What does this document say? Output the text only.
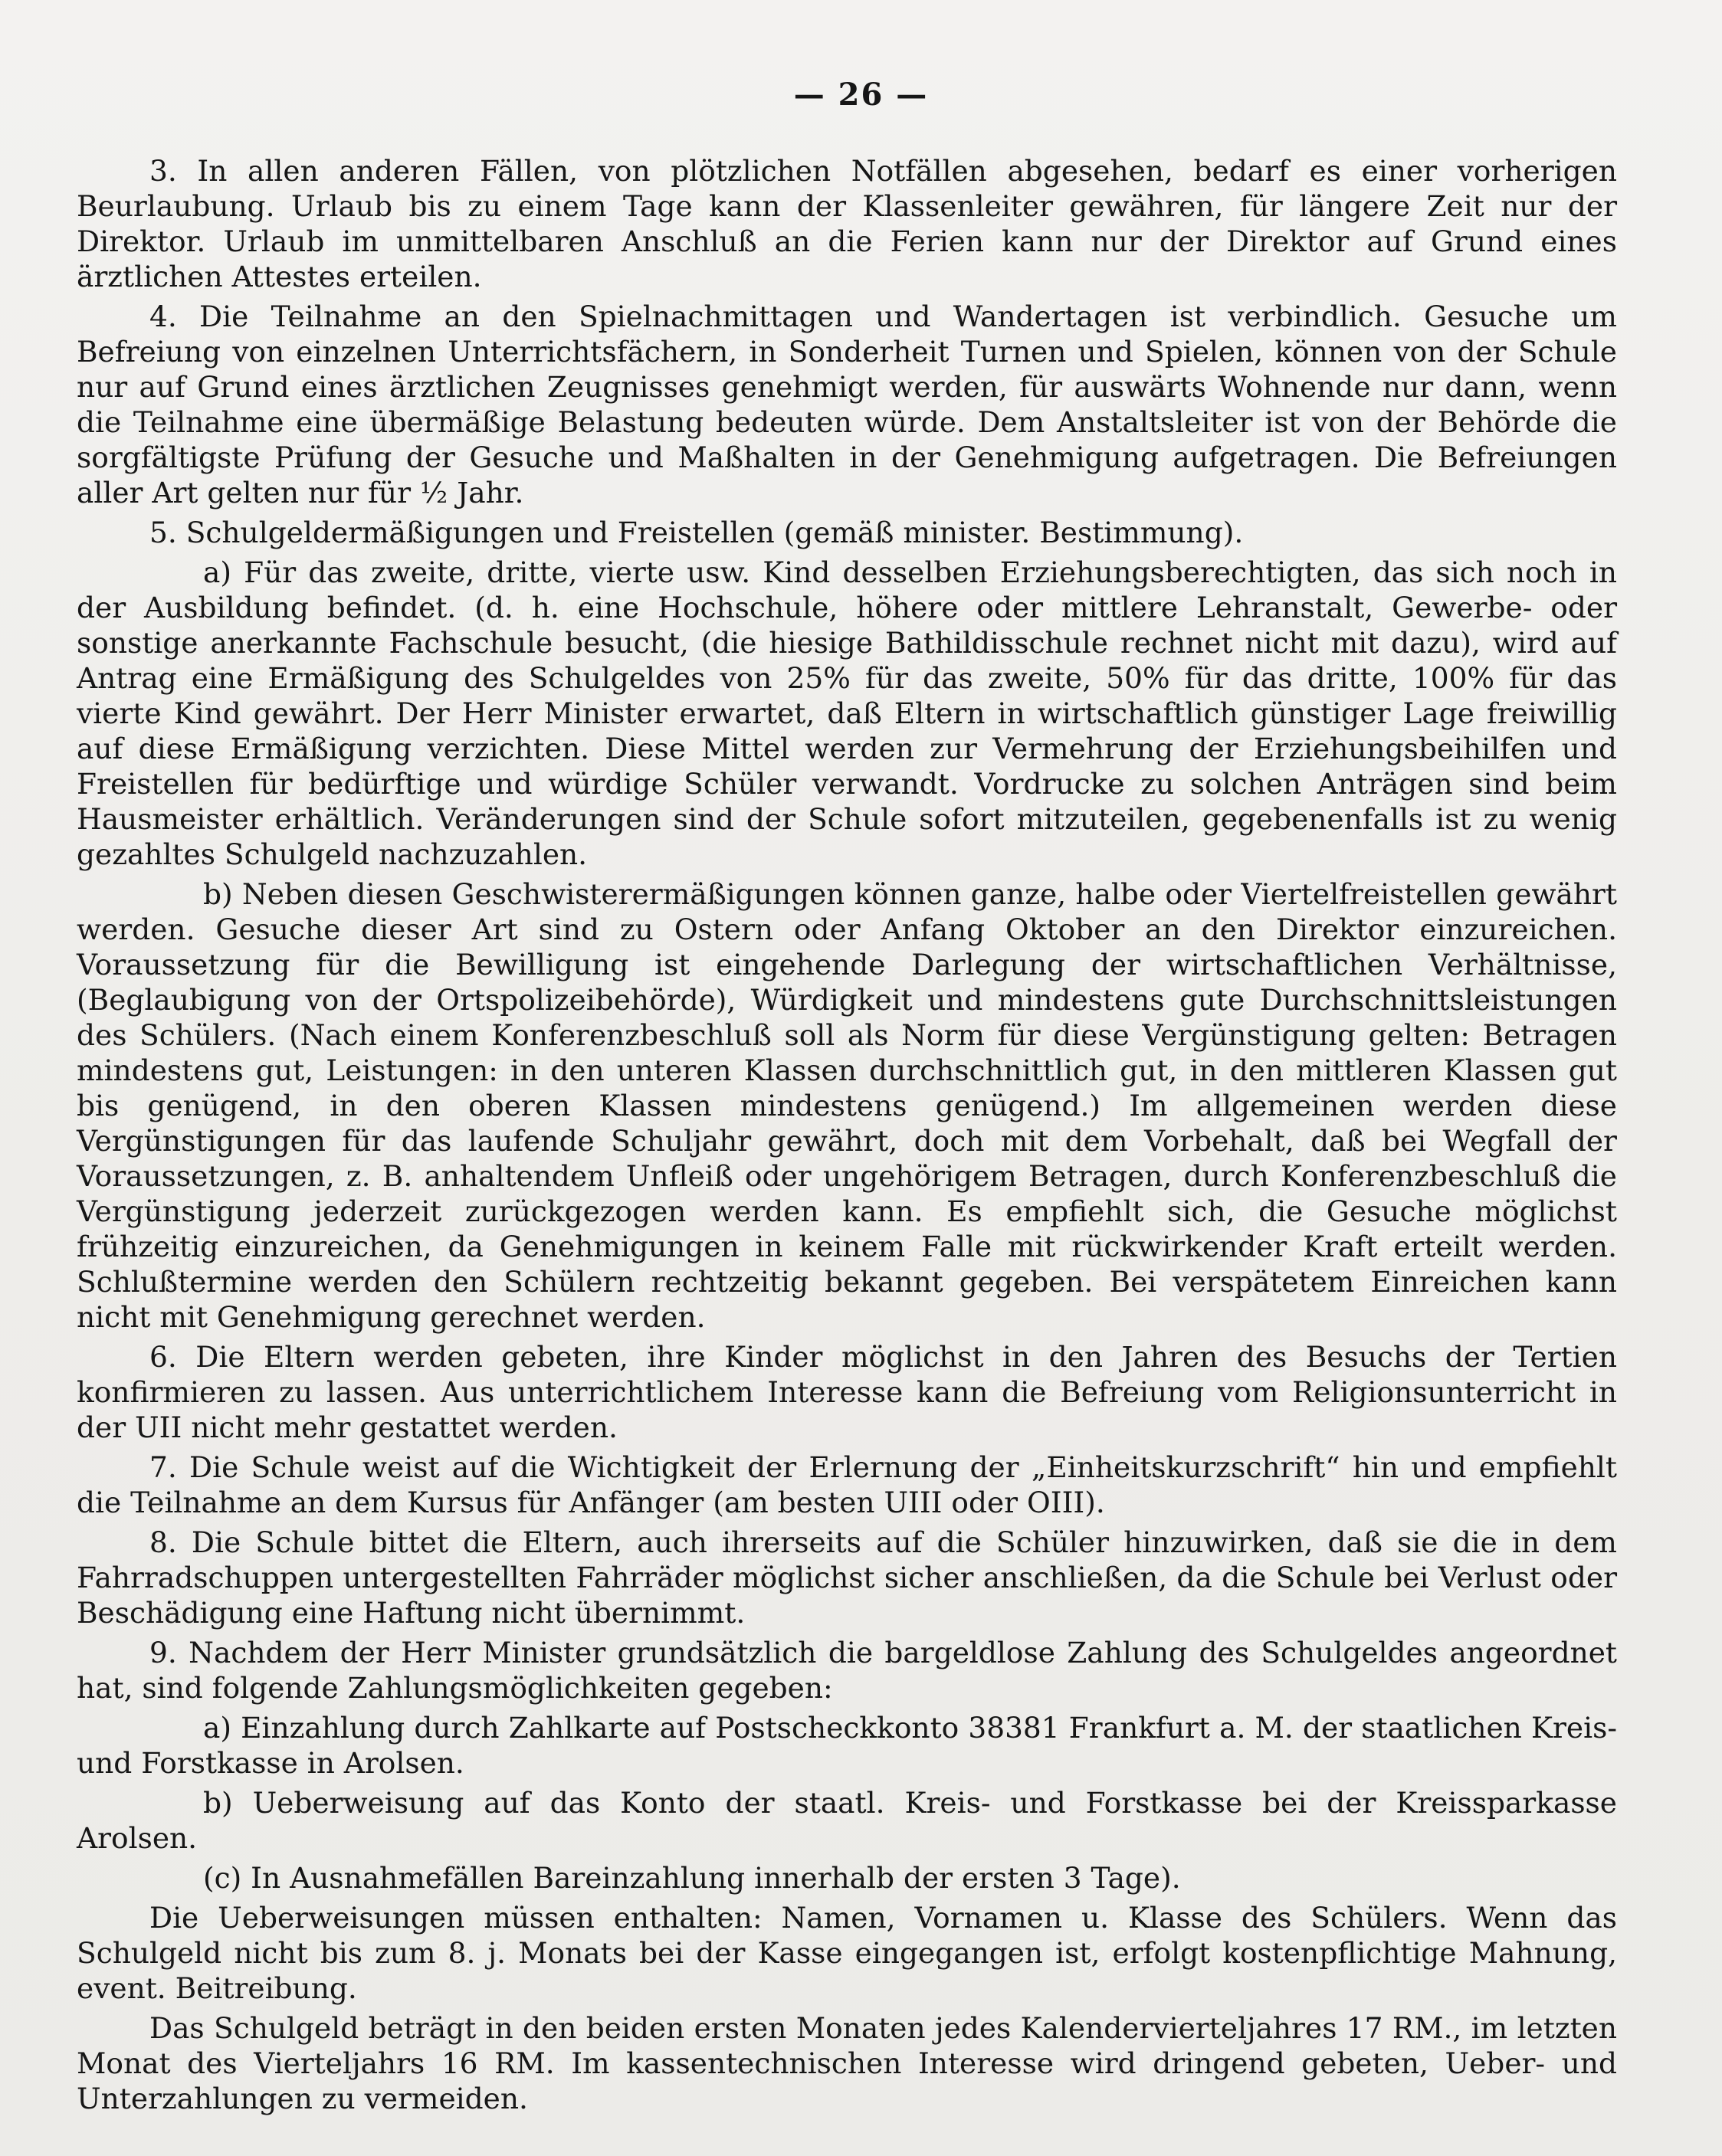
— 26 —

3. In allen anderen Fällen, von plötzlichen Notfällen abgesehen, bedarf es einer vorherigen Beurlaubung. Urlaub bis zu einem Tage kann der Klassenleiter gewähren, für längere Zeit nur der Direktor. Urlaub im unmittelbaren Anschluß an die Ferien kann nur der Direktor auf Grund eines ärztlichen Attestes erteilen.

4. Die Teilnahme an den Spielnachmittagen und Wandertagen ist verbindlich. Gesuche um Befreiung von einzelnen Unterrichtsfächern, in Sonderheit Turnen und Spielen, können von der Schule nur auf Grund eines ärztlichen Zeugnisses genehmigt werden, für auswärts Wohnende nur dann, wenn die Teilnahme eine übermäßige Belastung bedeuten würde. Dem Anstaltsleiter ist von der Behörde die sorgfältigste Prüfung der Gesuche und Maßhalten in der Genehmigung aufgetragen. Die Befreiungen aller Art gelten nur für ½ Jahr.

5. Schulgeldermäßigungen und Freistellen (gemäß minister. Bestimmung).

a) Für das zweite, dritte, vierte usw. Kind desselben Erziehungsberechtigten, das sich noch in der Ausbildung befindet. (d. h. eine Hochschule, höhere oder mittlere Lehranstalt, Gewerbe- oder sonstige anerkannte Fachschule besucht, (die hiesige Bathildisschule rechnet nicht mit dazu), wird auf Antrag eine Ermäßigung des Schulgeldes von 25% für das zweite, 50% für das dritte, 100% für das vierte Kind gewährt. Der Herr Minister erwartet, daß Eltern in wirtschaftlich günstiger Lage freiwillig auf diese Ermäßigung verzichten. Diese Mittel werden zur Vermehrung der Erziehungsbeihilfen und Freistellen für bedürftige und würdige Schüler verwandt. Vordrucke zu solchen Anträgen sind beim Hausmeister erhältlich. Veränderungen sind der Schule sofort mitzuteilen, gegebenenfalls ist zu wenig gezahltes Schulgeld nachzuzahlen.

b) Neben diesen Geschwisterermäßigungen können ganze, halbe oder Viertelfreistellen gewährt werden. Gesuche dieser Art sind zu Ostern oder Anfang Oktober an den Direktor einzureichen. Voraussetzung für die Bewilligung ist eingehende Darlegung der wirtschaftlichen Verhältnisse, (Beglaubigung von der Ortspolizeibehörde), Würdigkeit und mindestens gute Durchschnittsleistungen des Schülers. (Nach einem Konferenzbeschluß soll als Norm für diese Vergünstigung gelten: Betragen mindestens gut, Leistungen: in den unteren Klassen durchschnittlich gut, in den mittleren Klassen gut bis genügend, in den oberen Klassen mindestens genügend.) Im allgemeinen werden diese Vergünstigungen für das laufende Schuljahr gewährt, doch mit dem Vorbehalt, daß bei Wegfall der Voraussetzungen, z. B. anhaltendem Unfleiß oder ungehörigem Betragen, durch Konferenzbeschluß die Vergünstigung jederzeit zurückgezogen werden kann. Es empfiehlt sich, die Gesuche möglichst frühzeitig einzureichen, da Genehmigungen in keinem Falle mit rückwirkender Kraft erteilt werden. Schlußtermine werden den Schülern rechtzeitig bekannt gegeben. Bei verspätetem Einreichen kann nicht mit Genehmigung gerechnet werden.

6. Die Eltern werden gebeten, ihre Kinder möglichst in den Jahren des Besuchs der Tertien konfirmieren zu lassen. Aus unterrichtlichem Interesse kann die Befreiung vom Religionsunterricht in der UII nicht mehr gestattet werden.

7. Die Schule weist auf die Wichtigkeit der Erlernung der „Einheitskurzschrift“ hin und empfiehlt die Teilnahme an dem Kursus für Anfänger (am besten UIII oder OIII).

8. Die Schule bittet die Eltern, auch ihrerseits auf die Schüler hinzuwirken, daß sie die in dem Fahrradschuppen untergestellten Fahrräder möglichst sicher anschließen, da die Schule bei Verlust oder Beschädigung eine Haftung nicht übernimmt.

9. Nachdem der Herr Minister grundsätzlich die bargeldlose Zahlung des Schulgeldes angeordnet hat, sind folgende Zahlungsmöglichkeiten gegeben:

a) Einzahlung durch Zahlkarte auf Postscheckkonto 38381 Frankfurt a. M. der staatlichen Kreis- und Forstkasse in Arolsen.

b) Ueberweisung auf das Konto der staatl. Kreis- und Forstkasse bei der Kreissparkasse Arolsen.

(c) In Ausnahmefällen Bareinzahlung innerhalb der ersten 3 Tage).

Die Ueberweisungen müssen enthalten: Namen, Vornamen u. Klasse des Schülers. Wenn das Schulgeld nicht bis zum 8. j. Monats bei der Kasse eingegangen ist, erfolgt kostenpflichtige Mahnung, event. Beitreibung.

Das Schulgeld beträgt in den beiden ersten Monaten jedes Kalendervierteljahres 17 RM., im letzten Monat des Vierteljahrs 16 RM. Im kassentechnischen Interesse wird dringend gebeten, Ueber- und Unterzahlungen zu vermeiden.
